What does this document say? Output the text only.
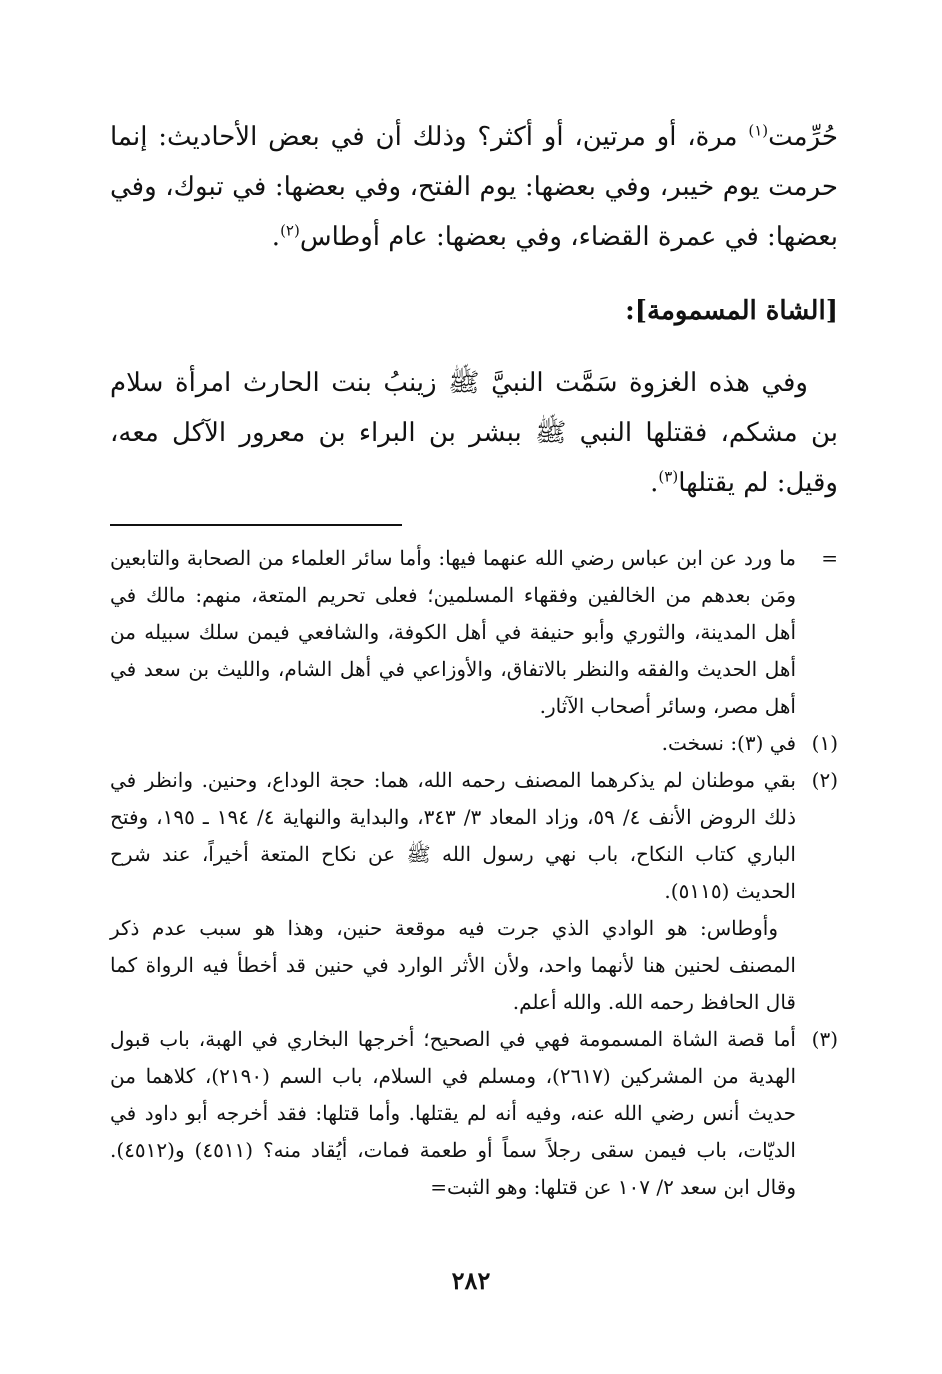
حُرِّمت$^{(١)}$ مرة، أو مرتين، أو أكثر؟ وذلك أن في بعض الأحاديث: إنما حرمت يوم خيبر، وفي بعضها: يوم الفتح، وفي بعضها: في تبوك، وفي بعضها: في عمرة القضاء، وفي بعضها: عام أوطاس$^{(٢)}$.

[الشاة المسمومة]:

وفي هذه الغزوة سَمَّت النبيَّ ﷺ زينبُ بنت الحارث امرأة سلام بن مشكم، فقتلها النبي ﷺ ببشر بن البراء بن معرور الآكل معه، وقيل: لم يقتلها$^{(٣)}$.

=

ما ورد عن ابن عباس رضي الله عنهما فيها: وأما سائر العلماء من الصحابة والتابعين ومَن بعدهم من الخالفين وفقهاء المسلمين؛ فعلى تحريم المتعة، منهم: مالك في أهل المدينة، والثوري وأبو حنيفة في أهل الكوفة، والشافعي فيمن سلك سبيله من أهل الحديث والفقه والنظر بالاتفاق، والأوزاعي في أهل الشام، والليث بن سعد في أهل مصر، وسائر أصحاب الآثار.

(١)

في (٣): نسخت.

(٢)

بقي موطنان لم يذكرهما المصنف رحمه الله، هما: حجة الوداع، وحنين. وانظر في ذلك الروض الأنف ٤/ ٥٩، وزاد المعاد ٣/ ٣٤٣، والبداية والنهاية ٤/ ١٩٤ ـ ١٩٥، وفتح الباري كتاب النكاح، باب نهي رسول الله ﷺ عن نكاح المتعة أخيراً، عند شرح الحديث (٥١١٥).

وأوطاس: هو الوادي الذي جرت فيه موقعة حنين، وهذا هو سبب عدم ذكر المصنف لحنين هنا لأنهما واحد، ولأن الأثر الوارد في حنين قد أخطأ فيه الرواة كما قال الحافظ رحمه الله. والله أعلم.

(٣)

أما قصة الشاة المسمومة فهي في الصحيح؛ أخرجها البخاري في الهبة، باب قبول الهدية من المشركين (٢٦١٧)، ومسلم في السلام، باب السم (٢١٩٠)، كلاهما من حديث أنس رضي الله عنه، وفيه أنه لم يقتلها. وأما قتلها: فقد أخرجه أبو داود في الديّات، باب فيمن سقى رجلاً سماً أو طعمة فمات، أيُقاد منه؟ (٤٥١١) و(٤٥١٢). وقال ابن سعد ٢/ ١٠٧ عن قتلها: وهو الثبت=

٢٨٢
